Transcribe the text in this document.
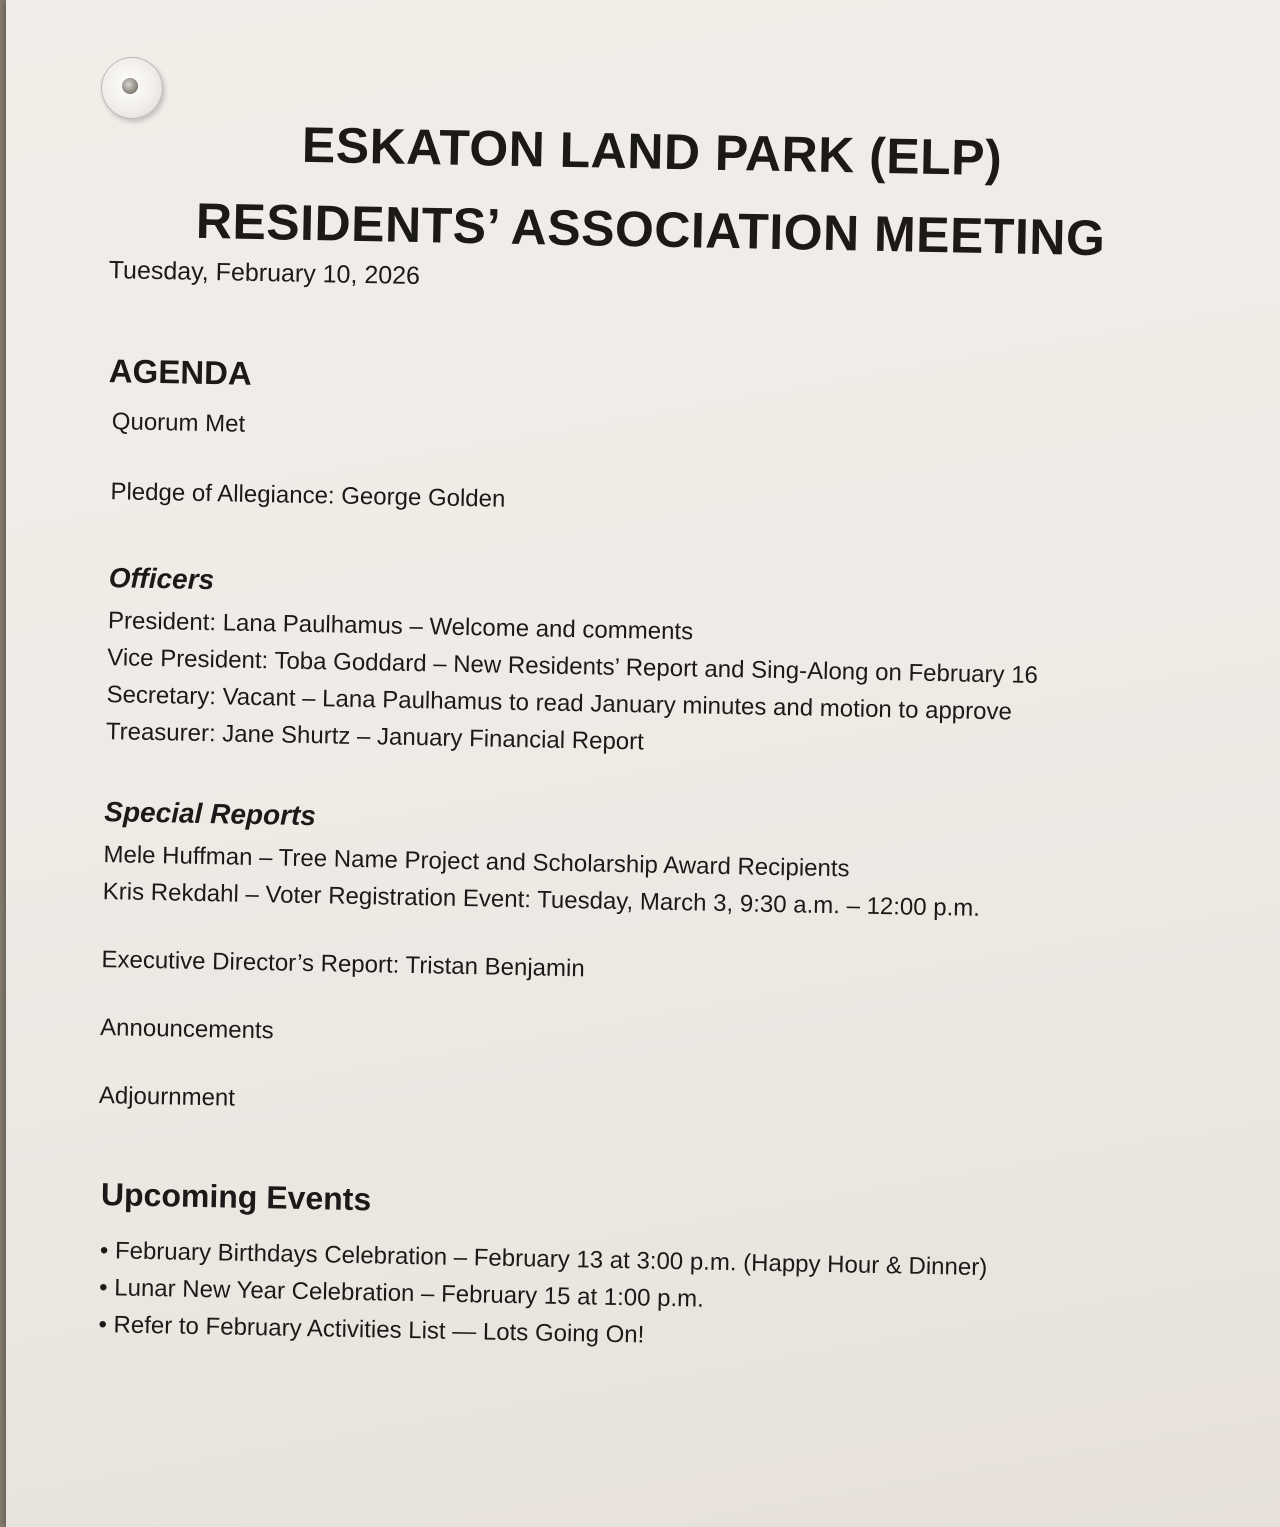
ESKATON LAND PARK (ELP)
RESIDENTS’ ASSOCIATION MEETING
Tuesday, February 10, 2026
AGENDA
Quorum Met
Pledge of Allegiance: George Golden
Officers
President: Lana Paulhamus – Welcome and comments
Vice President: Toba Goddard – New Residents’ Report and Sing-Along on February 16
Secretary: Vacant – Lana Paulhamus to read January minutes and motion to approve
Treasurer: Jane Shurtz – January Financial Report
Special Reports
Mele Huffman – Tree Name Project and Scholarship Award Recipients
Kris Rekdahl – Voter Registration Event: Tuesday, March 3, 9:30 a.m. – 12:00 p.m.
Executive Director’s Report: Tristan Benjamin
Announcements
Adjournment
Upcoming Events
• February Birthdays Celebration – February 13 at 3:00 p.m. (Happy Hour & Dinner)
• Lunar New Year Celebration – February 15 at 1:00 p.m.
• Refer to February Activities List — Lots Going On!
